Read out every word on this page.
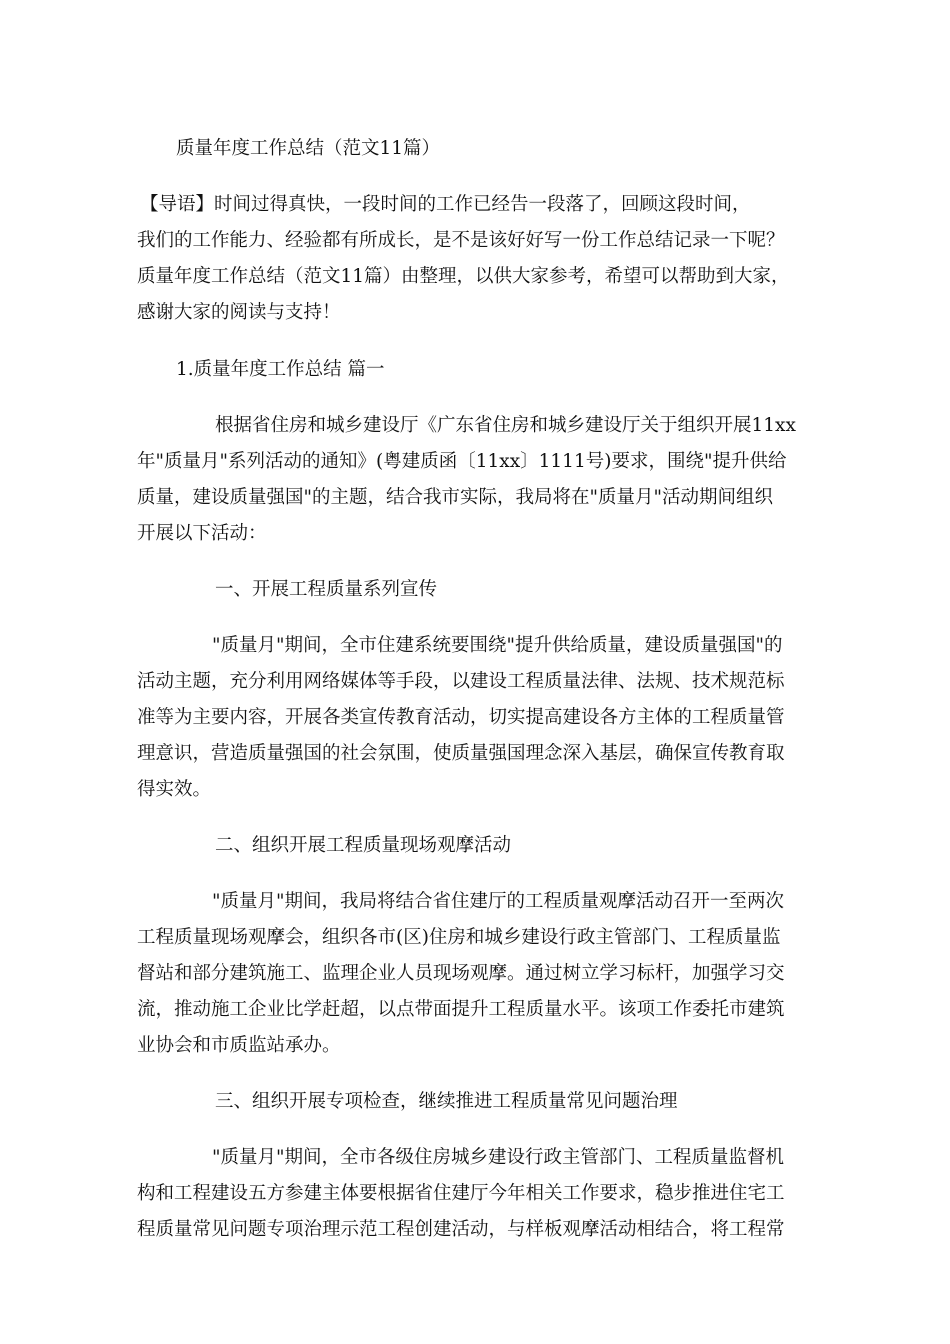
质量年度工作总结（范文11篇）
【导语】时间过得真快，一段时间的工作已经告一段落了，回顾这段时间，
我们的工作能力、经验都有所成长，是不是该好好写一份工作总结记录一下呢？
质量年度工作总结（范文11篇）由整理，以供大家参考，希望可以帮助到大家，
感谢大家的阅读与支持！
1.质量年度工作总结 篇一
根据省住房和城乡建设厅《广东省住房和城乡建设厅关于组织开展11xx
年"质量月"系列活动的通知》(粤建质函〔11xx〕1111号)要求，围绕"提升供给
质量，建设质量强国"的主题，结合我市实际，我局将在"质量月"活动期间组织
开展以下活动：
一、开展工程质量系列宣传
"质量月"期间，全市住建系统要围绕"提升供给质量，建设质量强国"的
活动主题，充分利用网络媒体等手段，以建设工程质量法律、法规、技术规范标
准等为主要内容，开展各类宣传教育活动，切实提高建设各方主体的工程质量管
理意识，营造质量强国的社会氛围，使质量强国理念深入基层，确保宣传教育取
得实效。
二、组织开展工程质量现场观摩活动
"质量月"期间，我局将结合省住建厅的工程质量观摩活动召开一至两次
工程质量现场观摩会，组织各市(区)住房和城乡建设行政主管部门、工程质量监
督站和部分建筑施工、监理企业人员现场观摩。通过树立学习标杆，加强学习交
流，推动施工企业比学赶超，以点带面提升工程质量水平。该项工作委托市建筑
业协会和市质监站承办。
三、组织开展专项检查，继续推进工程质量常见问题治理
"质量月"期间，全市各级住房城乡建设行政主管部门、工程质量监督机
构和工程建设五方参建主体要根据省住建厅今年相关工作要求，稳步推进住宅工
程质量常见问题专项治理示范工程创建活动，与样板观摩活动相结合，将工程常
